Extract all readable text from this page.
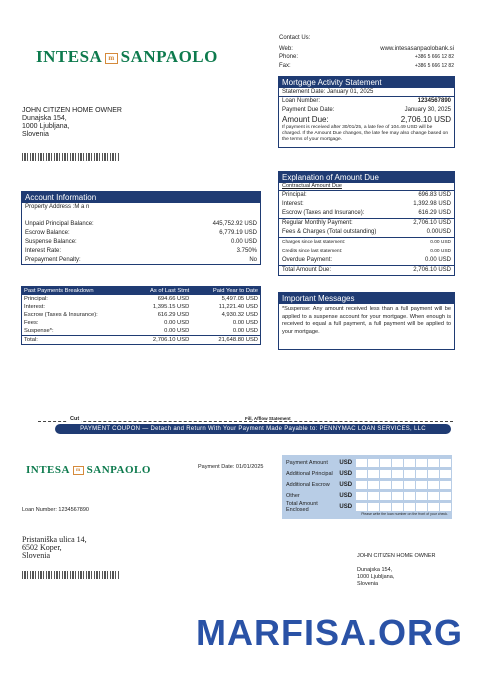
INTESA m SANPAOLO
Contact Us:
Web:	www.intesasanpaolobank.si
Phone:	+386 5 666 12 82
Fax:	+386 5 666 12 82
JOHN CITIZEN HOME OWNER
Dunajska 154,
1000 Ljubljana,
Slovenia
Mortgage Activity Statement
Statement Date: January 01, 2025
Loan Number:	1234567890
Payment Due Date:	January 30, 2025
Amount Due:	2,706.10 USD
If payment is received after 30/01/25, a late fee of 104.49 USD will be charged. If the Amount Due changes, the late fee may also change based on the terms of your mortgage.
Account Information
Property Address :M a n
Unpaid Principal Balance:	445,752.92 USD
Escrow Balance:	6,779.19 USD
Suspense Balance:	0.00 USD
Interest Rate:	3.750%
Prepayment Penalty:	No
Explanation of Amount Due
Contractual Amount Due
Principal:	696.83 USD
Interest:	1,392.98 USD
Escrow (Taxes and Insurance):	616.29 USD
Regular Monthly Payment:	2,706.10 USD
Fees & Charges (Total outstanding)	0.00USD
Charges since last statement:	0.00 USD
Credits since last statement:	0.00 USD
Overdue Payment:	0.00 USD
Total Amount Due:	2,706.10 USD
Past Payments Breakdown	As of Last Stmt	Paid Year to Date
Principal:	694.66 USD	5,497.05 USD
Interest:	1,395.15 USD	11,221.40 USD
Escrow (Taxes & Insurance):	616.29 USD	4,930.32 USD
Fees:	0.00 USD	0.00 USD
Suspense*:	0.00 USD	0.00 USD
Total:	2,706.10 USD	21,648.80 USD
Important Messages
*Suspense: Any amount received less than a full payment will be applied to a suspense account for your mortgage. When enough is received to equal a full payment, a full payment will be applied to your mortgage.
Cut	Fill, Afflow Statement
PAYMENT COUPON — Detach and Return With Your Payment Made Payable to: PENNYMAC LOAN SERVICES, LLC
INTESA m SANPAOLO	Payment Date: 01/01/2025
Loan Number: 1234567890
Payment Amount	USD
Additional Principal	USD
Additional Escrow	USD
Other	USD
Total Amount Enclosed	USD
Please write the loan number on the front of your check.
Pristaniška ulica 14,
6502 Koper,
Slovenia	JOHN CITIZEN HOME OWNER
Dunajska 154,
1000 Ljubljana,
Slovenia
MARFISA.ORG
